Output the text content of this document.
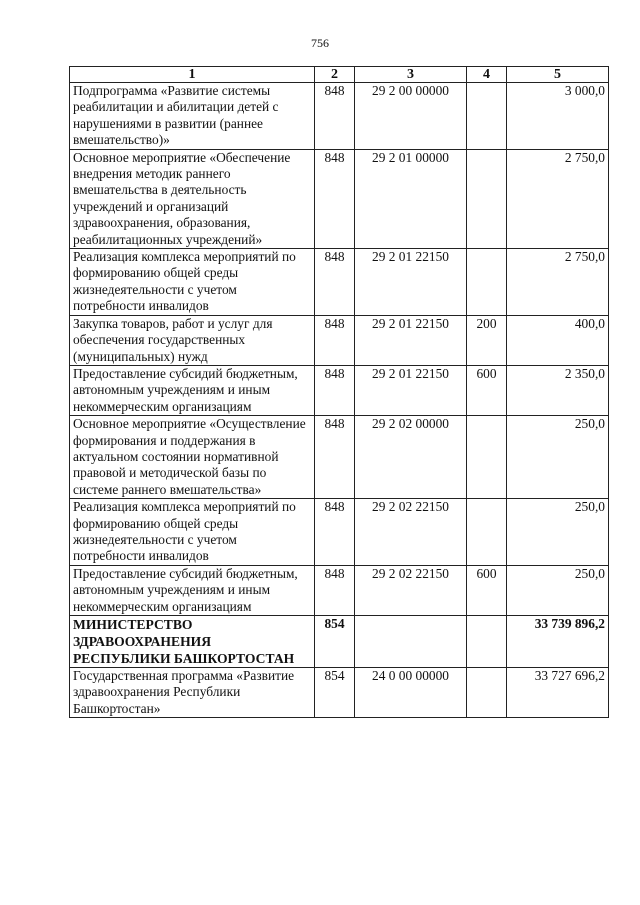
756
1	2	3	4	5
Подпрограмма «Развитие системы реабилитации и абилитации детей с нарушениями в развитии (раннее вмешательство)»	848	29 2 00 00000		3 000,0
Основное мероприятие «Обеспечение внедрения методик раннего вмешательства в деятельность учреждений и организаций здравоохранения, образования, реабилитационных учреждений»	848	29 2 01 00000		2 750,0
Реализация комплекса мероприятий по формированию общей среды жизнедеятельности с учетом потребности инвалидов	848	29 2 01 22150		2 750,0
Закупка товаров, работ и услуг для обеспечения государственных (муниципальных) нужд	848	29 2 01 22150	200	400,0
Предоставление субсидий бюджетным, автономным учреждениям и иным некоммерческим организациям	848	29 2 01 22150	600	2 350,0
Основное мероприятие «Осуществление формирования и поддержания в актуальном состоянии нормативной правовой и методической базы по системе раннего вмешательства»	848	29 2 02 00000		250,0
Реализация комплекса мероприятий по формированию общей среды жизнедеятельности с учетом потребности инвалидов	848	29 2 02 22150		250,0
Предоставление субсидий бюджетным, автономным учреждениям и иным некоммерческим организациям	848	29 2 02 22150	600	250,0
МИНИСТЕРСТВО ЗДРАВООХРАНЕНИЯ РЕСПУБЛИКИ БАШКОРТОСТАН	854			33 739 896,2
Государственная программа «Развитие здравоохранения Республики Башкортостан»	854	24 0 00 00000		33 727 696,2
